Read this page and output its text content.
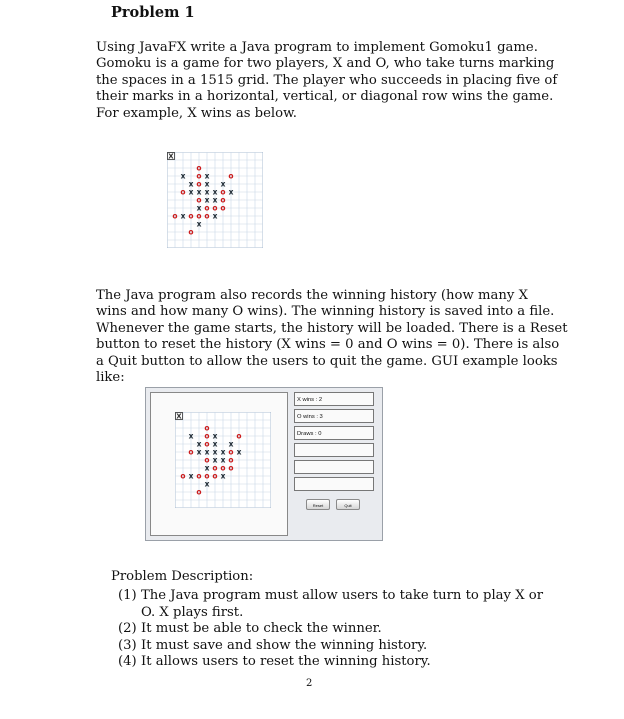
Problem 1
Using JavaFX write a Java program to implement Gomoku1 game.
Gomoku is a game for two players, X and O, who take turns marking
the spaces in a 1515 grid. The player who succeeds in placing five of
their marks in a horizontal, vertical, or diagonal row wins the game.
For example, X wins as below.
X
o
x o x	o
x o x x
o x x x x o x
o x x o
x o o o
o x o o o x
x
o
The Java program also records the winning history (how many X
wins and how many O wins). The winning history is saved into a file.
Whenever the game starts, the history will be loaded. There is a Reset
button to reset the history (X wins = 0 and O wins = 0). There is also
a Quit button to allow the users to quit the game. GUI example looks
like:
X
o
x o x	o
x o x x
o x x x x o x
o x x o
x o o o
o x o o o x
x
o
X wins : 2
O wins : 3
Draws : 0
Reset	Quit
Problem Description:
(1) The Java program must allow users to take turn to play X or
O. X plays first.
(2) It must be able to check the winner.
(3) It must save and show the winning history.
(4) It allows users to reset the winning history.
2
